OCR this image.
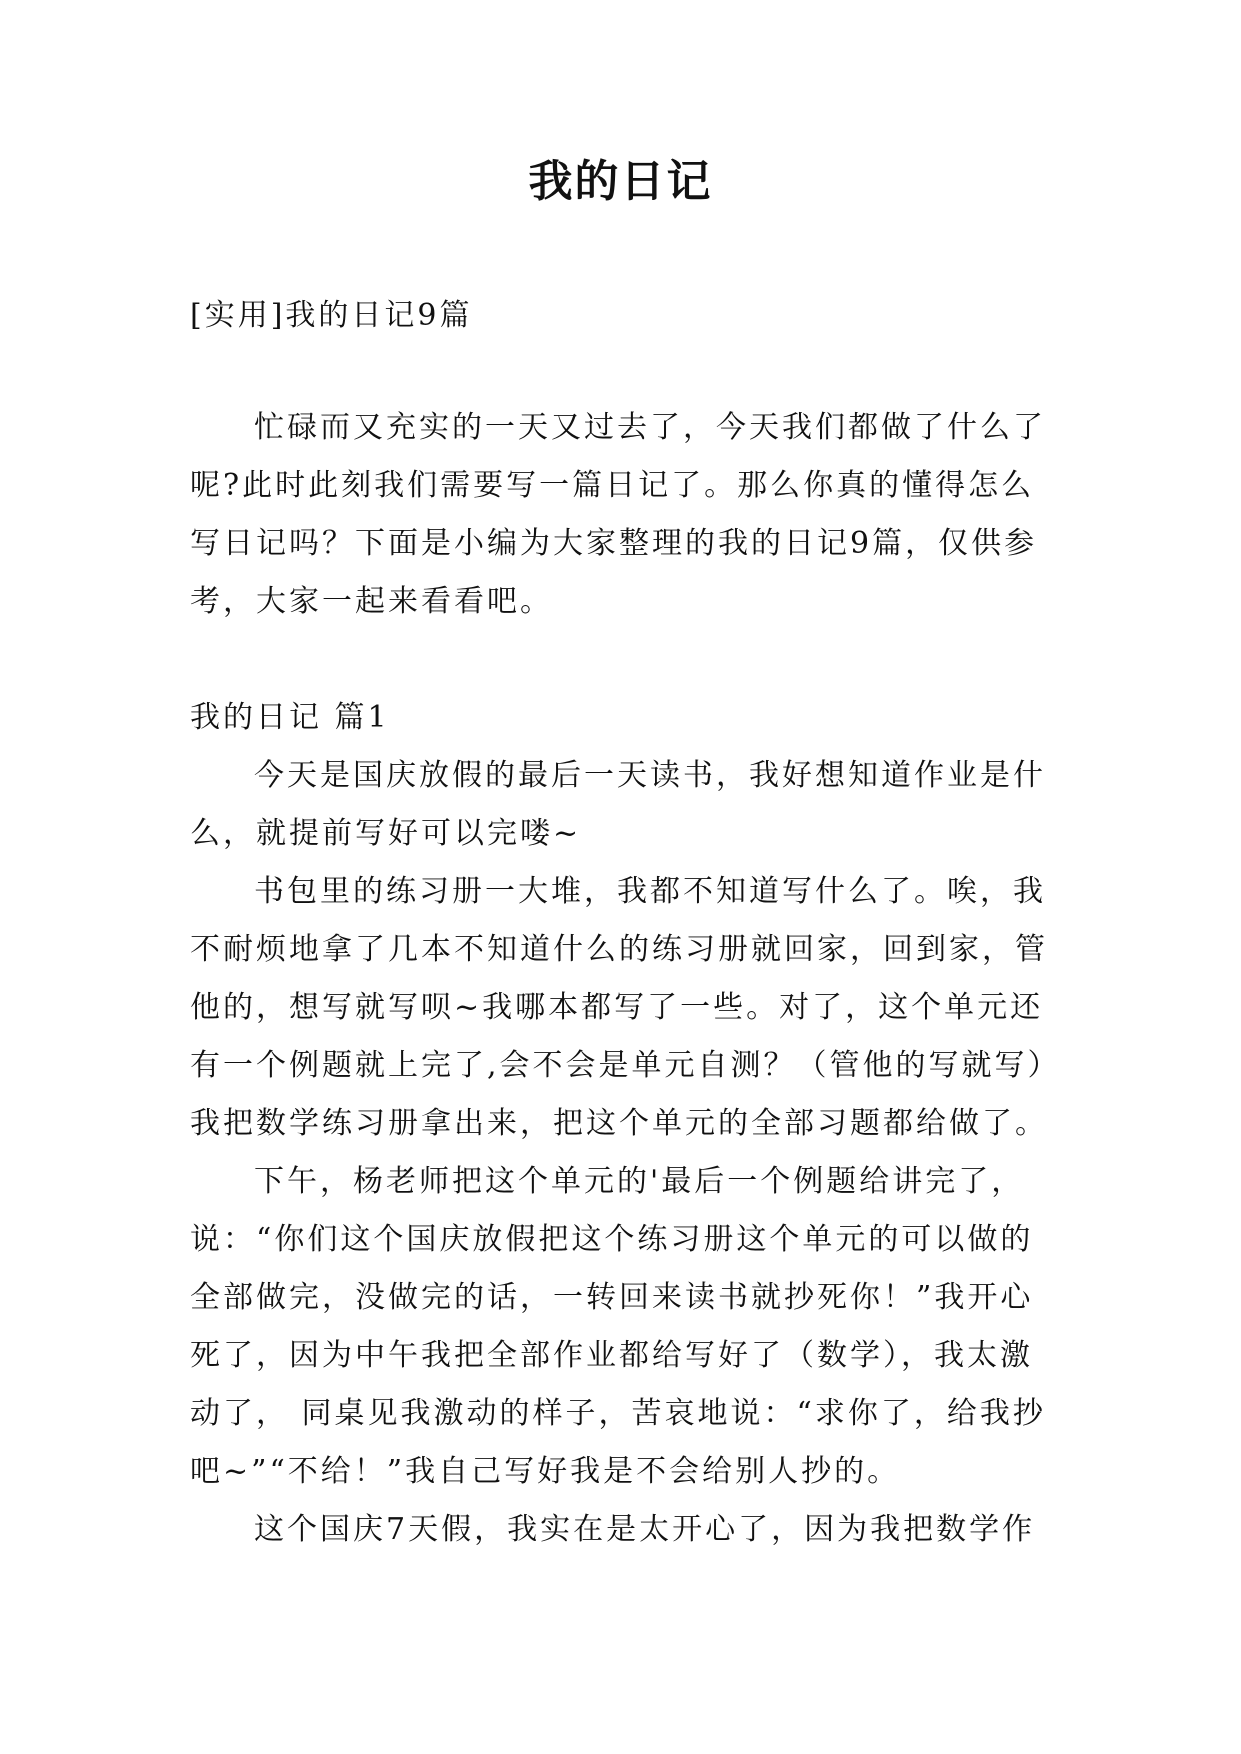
我的日记
[实用]我的日记9篇
忙碌而又充实的一天又过去了，今天我们都做了什么了
呢?此时此刻我们需要写一篇日记了。那么你真的懂得怎么
写日记吗？下面是小编为大家整理的我的日记9篇，仅供参
考，大家一起来看看吧。
我的日记 篇1
今天是国庆放假的最后一天读书，我好想知道作业是什
么，就提前写好可以完喽~
书包里的练习册一大堆，我都不知道写什么了。唉，我
不耐烦地拿了几本不知道什么的练习册就回家，回到家，管
他的，想写就写呗~我哪本都写了一些。对了，这个单元还
有一个例题就上完了,会不会是单元自测？（管他的写就写）
我把数学练习册拿出来，把这个单元的全部习题都给做了。
下午，杨老师把这个单元的'最后一个例题给讲完了，
说：“你们这个国庆放假把这个练习册这个单元的可以做的
全部做完，没做完的话，一转回来读书就抄死你！”我开心
死了，因为中午我把全部作业都给写好了（数学），我太激
动了， 同桌见我激动的样子，苦哀地说：“求你了，给我抄
吧~”“不给！”我自己写好我是不会给别人抄的。
这个国庆7天假，我实在是太开心了，因为我把数学作
